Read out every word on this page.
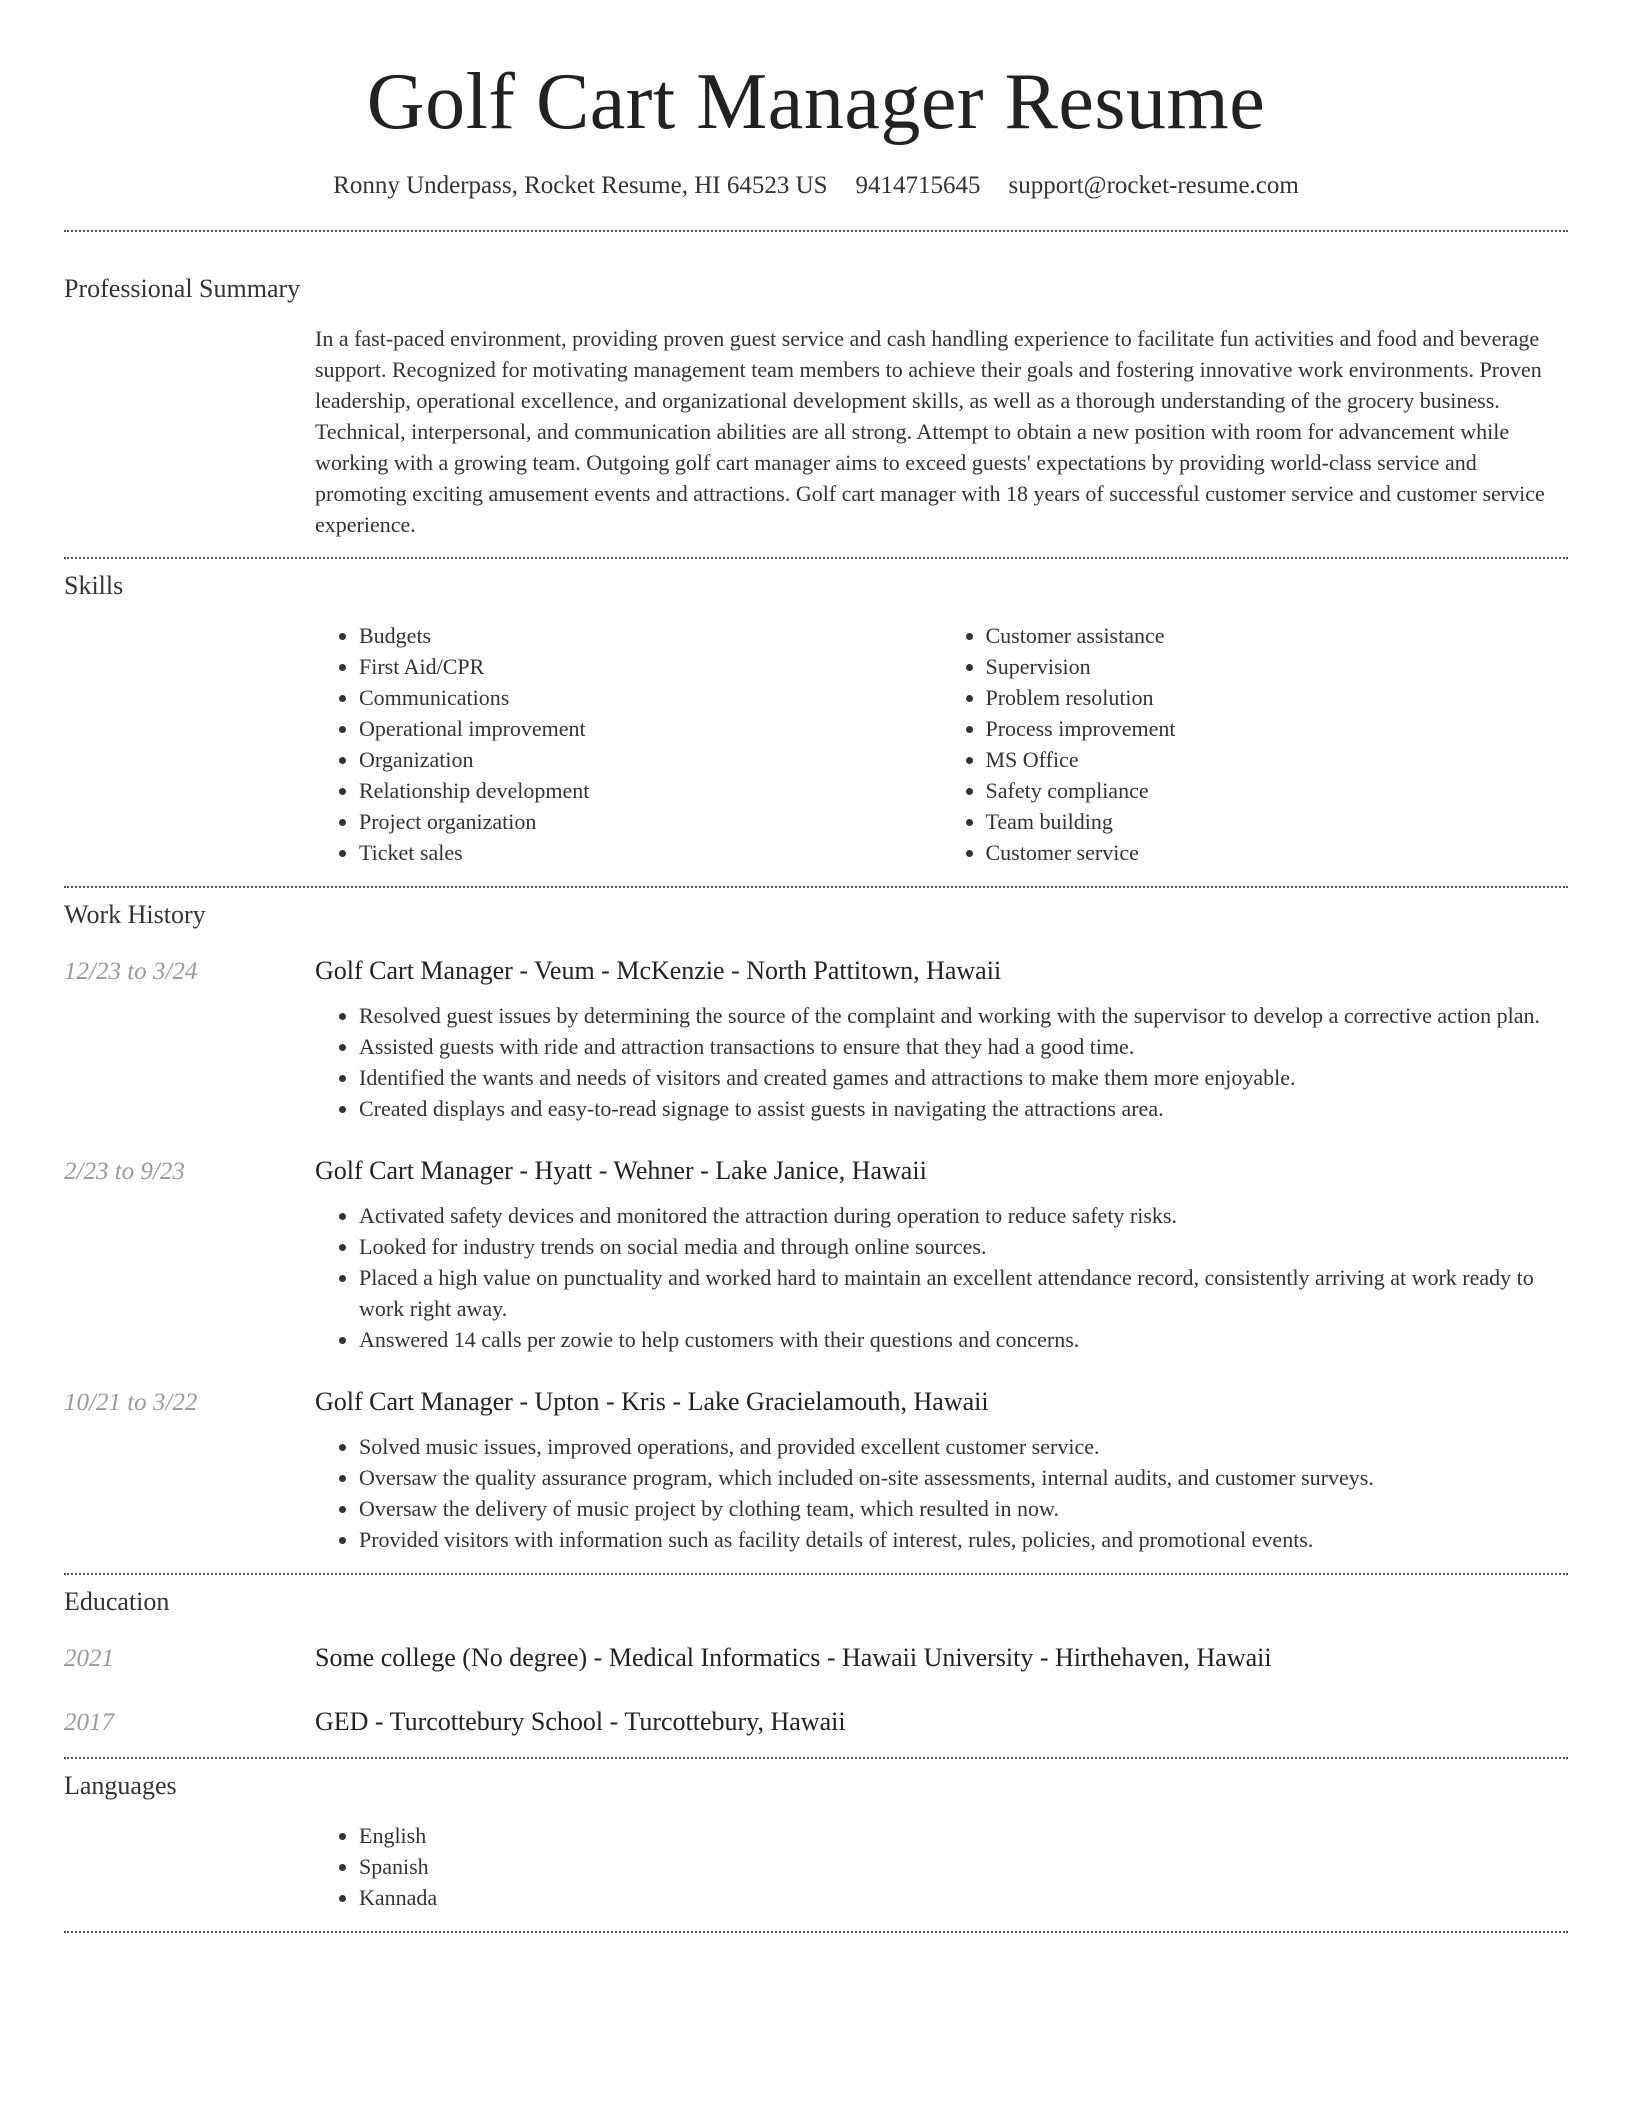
Golf Cart Manager Resume
Ronny Underpass, Rocket Resume, HI 64523 US 9414715645 support@rocket-resume.com
Professional Summary
In a fast-paced environment, providing proven guest service and cash handling experience to facilitate fun activities and food and beverage support. Recognized for motivating management team members to achieve their goals and fostering innovative work environments. Proven leadership, operational excellence, and organizational development skills, as well as a thorough understanding of the grocery business. Technical, interpersonal, and communication abilities are all strong. Attempt to obtain a new position with room for advancement while working with a growing team. Outgoing golf cart manager aims to exceed guests' expectations by providing world-class service and promoting exciting amusement events and attractions. Golf cart manager with 18 years of successful customer service and customer service experience.
Skills
• Budgets
• First Aid/CPR
• Communications
• Operational improvement
• Organization
• Relationship development
• Project organization
• Ticket sales
• Customer assistance
• Supervision
• Problem resolution
• Process improvement
• MS Office
• Safety compliance
• Team building
• Customer service
Work History
12/23 to 3/24	Golf Cart Manager - Veum - McKenzie - North Pattitown, Hawaii
• Resolved guest issues by determining the source of the complaint and working with the supervisor to develop a corrective action plan.
• Assisted guests with ride and attraction transactions to ensure that they had a good time.
• Identified the wants and needs of visitors and created games and attractions to make them more enjoyable.
• Created displays and easy-to-read signage to assist guests in navigating the attractions area.
2/23 to 9/23	Golf Cart Manager - Hyatt - Wehner - Lake Janice, Hawaii
• Activated safety devices and monitored the attraction during operation to reduce safety risks.
• Looked for industry trends on social media and through online sources.
• Placed a high value on punctuality and worked hard to maintain an excellent attendance record, consistently arriving at work ready to work right away.
• Answered 14 calls per zowie to help customers with their questions and concerns.
10/21 to 3/22	Golf Cart Manager - Upton - Kris - Lake Gracielamouth, Hawaii
• Solved music issues, improved operations, and provided excellent customer service.
• Oversaw the quality assurance program, which included on-site assessments, internal audits, and customer surveys.
• Oversaw the delivery of music project by clothing team, which resulted in now.
• Provided visitors with information such as facility details of interest, rules, policies, and promotional events.
Education
2021	Some college (No degree) - Medical Informatics - Hawaii University - Hirthehaven, Hawaii
2017	GED - Turcottebury School - Turcottebury, Hawaii
Languages
• English
• Spanish
• Kannada
